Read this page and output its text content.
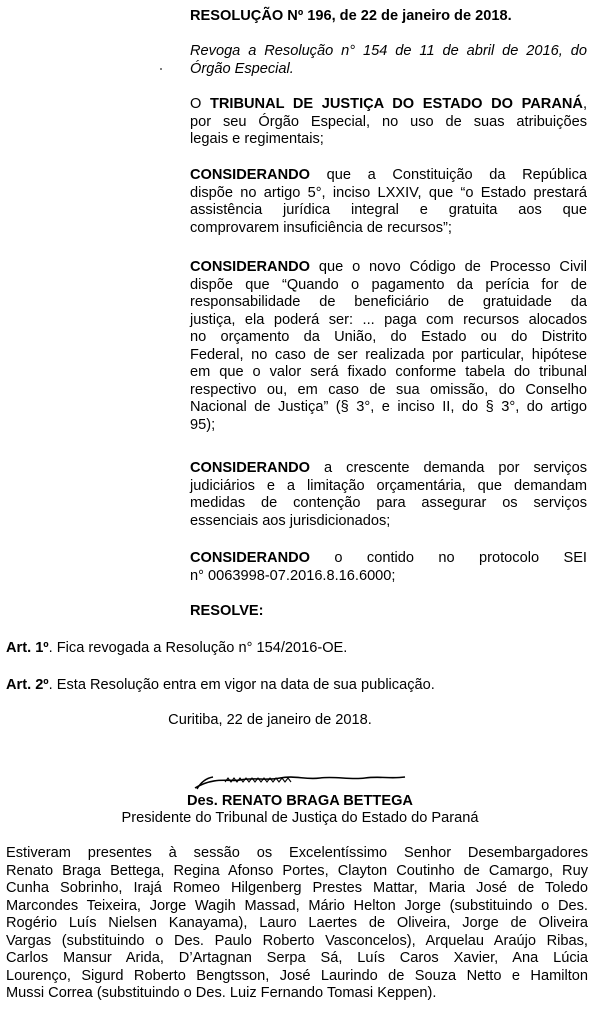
RESOLUÇÃO Nº 196, de 22 de janeiro de 2018.
Revoga a Resolução n° 154 de 11 de abril de 2016, do
Órgão Especial.
O TRIBUNAL DE JUSTIÇA DO ESTADO DO PARANÁ,
por seu Órgão Especial, no uso de suas atribuições
legais e regimentais;
CONSIDERANDO que a Constituição da República
dispõe no artigo 5°, inciso LXXIV, que “o Estado prestará
assistência jurídica integral e gratuita aos que
comprovarem insuficiência de recursos”;
CONSIDERANDO que o novo Código de Processo Civil
dispõe que “Quando o pagamento da perícia for de
responsabilidade de beneficiário de gratuidade da
justiça, ela poderá ser: ... paga com recursos alocados
no orçamento da União, do Estado ou do Distrito
Federal, no caso de ser realizada por particular, hipótese
em que o valor será fixado conforme tabela do tribunal
respectivo ou, em caso de sua omissão, do Conselho
Nacional de Justiça” (§ 3°, e inciso II, do § 3°, do artigo
95);
CONSIDERANDO a crescente demanda por serviços
judiciários e a limitação orçamentária, que demandam
medidas de contenção para assegurar os serviços
essenciais aos jurisdicionados;
CONSIDERANDO o contido no protocolo SEI
n° 0063998-07.2016.8.16.6000;
RESOLVE:
Art. 1º. Fica revogada a Resolução n° 154/2016-OE.
Art. 2º. Esta Resolução entra em vigor na data de sua publicação.
Curitiba, 22 de janeiro de 2018.
Des. RENATO BRAGA BETTEGA
Presidente do Tribunal de Justiça do Estado do Paraná
Estiveram presentes à sessão os Excelentíssimo Senhor Desembargadores
Renato Braga Bettega, Regina Afonso Portes, Clayton Coutinho de Camargo, Ruy
Cunha Sobrinho, Irajá Romeo Hilgenberg Prestes Mattar, Maria José de Toledo
Marcondes Teixeira, Jorge Wagih Massad, Mário Helton Jorge (substituindo o Des.
Rogério Luís Nielsen Kanayama), Lauro Laertes de Oliveira, Jorge de Oliveira
Vargas (substituindo o Des. Paulo Roberto Vasconcelos), Arquelau Araújo Ribas,
Carlos Mansur Arida, D’Artagnan Serpa Sá, Luís Caros Xavier, Ana Lúcia
Lourenço, Sigurd Roberto Bengtsson, José Laurindo de Souza Netto e Hamilton
Mussi Correa (substituindo o Des. Luiz Fernando Tomasi Keppen).
